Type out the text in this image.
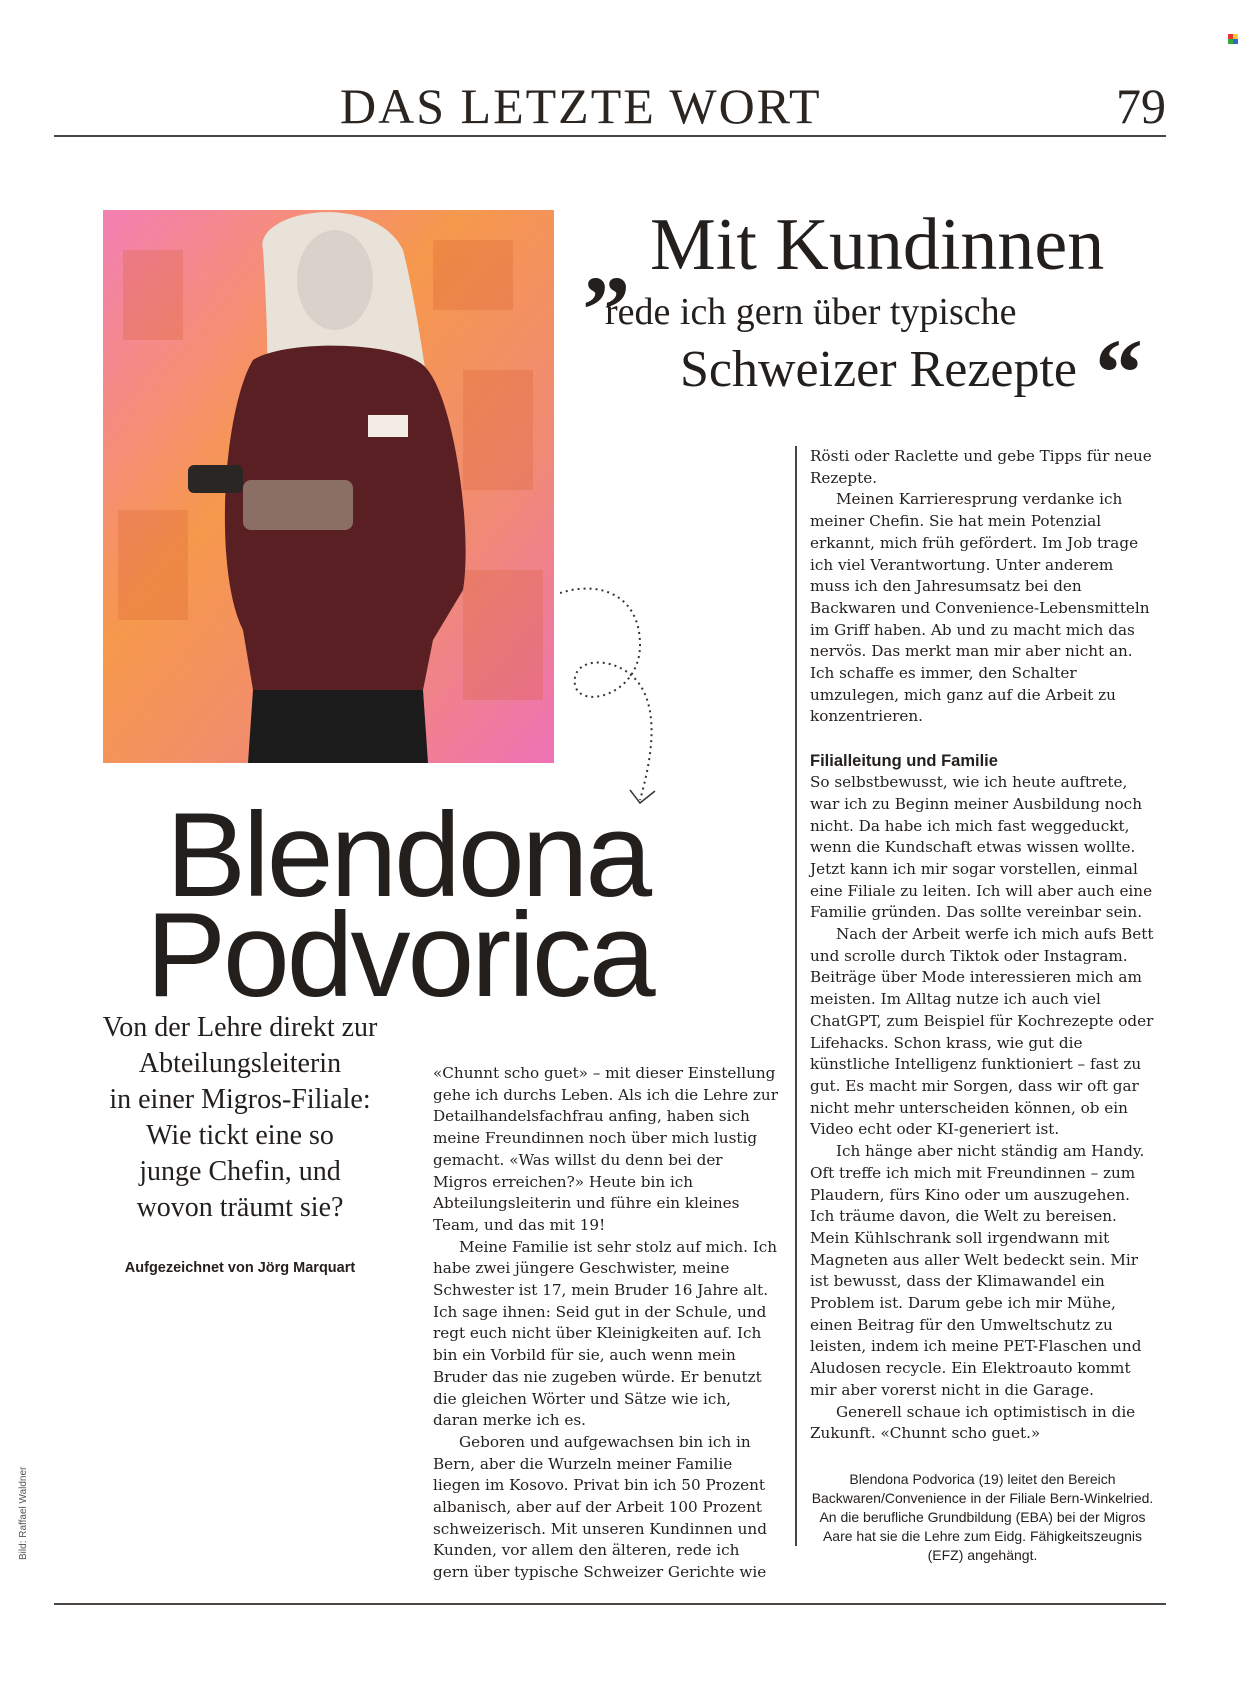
DAS LETZTE WORT	79
Bild: Raffael Waldner
„ Mit Kundinnen
rede ich gern über typische
Schweizer Rezepte “
Blendona
Podvorica
Von der Lehre direkt zur
Abteilungsleiterin
in einer Migros-Filiale:
Wie tickt eine so
junge Chefin, und
wovon träumt sie?
Aufgezeichnet von Jörg Marquart

«Chunnt scho guet» – mit dieser Einstellung gehe ich durchs Leben. Als ich die Lehre zur Detailhandelsfachfrau anfing, haben sich meine Freundinnen noch über mich lustig gemacht. «Was willst du denn bei der Migros erreichen?» Heute bin ich Abteilungsleiterin und führe ein kleines Team, und das mit 19!

Meine Familie ist sehr stolz auf mich. Ich habe zwei jüngere Geschwister, meine Schwester ist 17, mein Bruder 16 Jahre alt. Ich sage ihnen: Seid gut in der Schule, und regt euch nicht über Kleinigkeiten auf. Ich bin ein Vorbild für sie, auch wenn mein Bruder das nie zugeben würde. Er benutzt die gleichen Wörter und Sätze wie ich, daran merke ich es.

Geboren und aufgewachsen bin ich in Bern, aber die Wurzeln meiner Familie liegen im Kosovo. Privat bin ich 50 Prozent albanisch, aber auf der Arbeit 100 Prozent schweizerisch. Mit unseren Kundinnen und Kunden, vor allem den älteren, rede ich gern über typische Schweizer Gerichte wie

Rösti oder Raclette und gebe Tipps für neue Rezepte.

Meinen Karrieresprung verdanke ich meiner Chefin. Sie hat mein Potenzial erkannt, mich früh gefördert. Im Job trage ich viel Verantwortung. Unter anderem muss ich den Jahresumsatz bei den Backwaren und Convenience-Lebensmitteln im Griff haben. Ab und zu macht mich das nervös. Das merkt man mir aber nicht an. Ich schaffe es immer, den Schalter umzulegen, mich ganz auf die Arbeit zu konzentrieren.

Filialleitung und Familie

So selbstbewusst, wie ich heute auftrete, war ich zu Beginn meiner Ausbildung noch nicht. Da habe ich mich fast weggeduckt, wenn die Kundschaft etwas wissen wollte. Jetzt kann ich mir sogar vorstellen, einmal eine Filiale zu leiten. Ich will aber auch eine Familie gründen. Das sollte vereinbar sein.

Nach der Arbeit werfe ich mich aufs Bett und scrolle durch Tiktok oder Instagram. Beiträge über Mode interessieren mich am meisten. Im Alltag nutze ich auch viel ChatGPT, zum Beispiel für Kochrezepte oder Lifehacks. Schon krass, wie gut die künstliche Intelligenz funktioniert – fast zu gut. Es macht mir Sorgen, dass wir oft gar nicht mehr unterscheiden können, ob ein Video echt oder KI-generiert ist.

Ich hänge aber nicht ständig am Handy. Oft treffe ich mich mit Freundinnen – zum Plaudern, fürs Kino oder um auszugehen. Ich träume davon, die Welt zu bereisen. Mein Kühlschrank soll irgendwann mit Magneten aus aller Welt bedeckt sein. Mir ist bewusst, dass der Klimawandel ein Problem ist. Darum gebe ich mir Mühe, einen Beitrag für den Umweltschutz zu leisten, indem ich meine PET-Flaschen und Aludosen recycle. Ein Elektroauto kommt mir aber vorerst nicht in die Garage.

Generell schaue ich optimistisch in die Zukunft. «Chunnt scho guet.»

Blendona Podvorica (19) leitet den Bereich Backwaren/Convenience in der Filiale Bern-Winkelried. An die berufliche Grundbildung (EBA) bei der Migros Aare hat sie die Lehre zum Eidg. Fähigkeitszeugnis (EFZ) angehängt.
